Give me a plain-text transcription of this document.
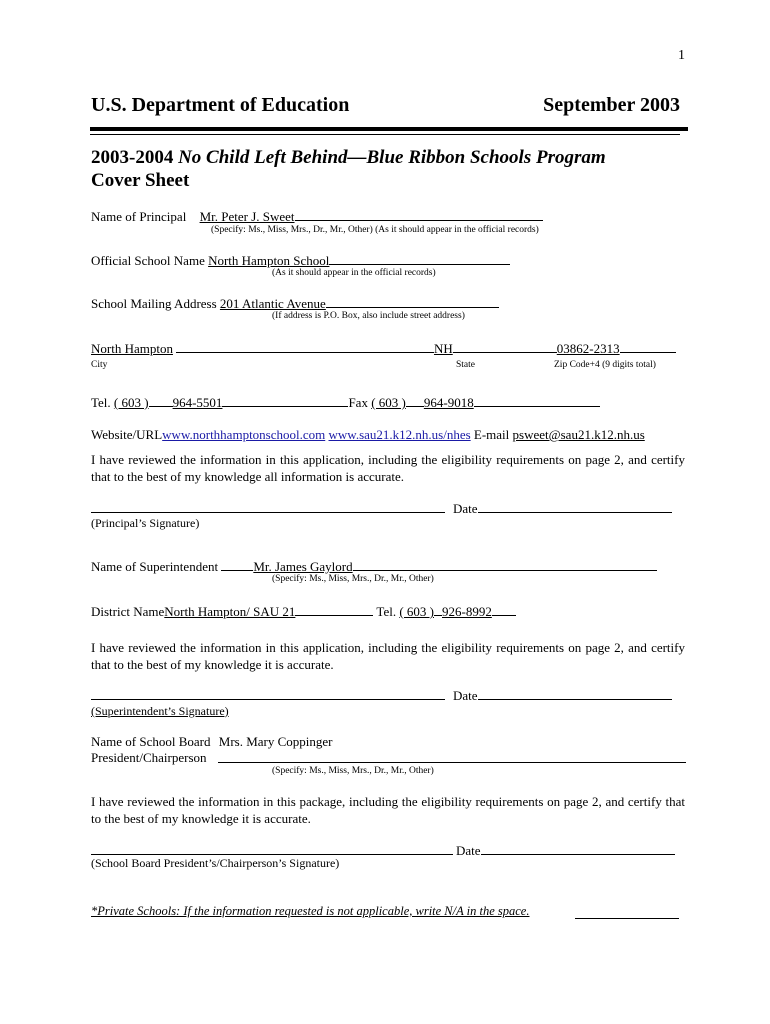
1
U.S. Department of Education	September 2003
2003-2004 No Child Left Behind—Blue Ribbon Schools Program
Cover Sheet
Name of Principal Mr. Peter J. Sweet
(Specify: Ms., Miss, Mrs., Dr., Mr., Other) (As it should appear in the official records)
Official School Name North Hampton School
(As it should appear in the official records)
School Mailing Address 201 Atlantic Avenue
(If address is P.O. Box, also include street address)
North Hampton	NH	03862-2313
City	State	Zip Code+4 (9 digits total)
Tel. ( 603 ) 964-5501	Fax ( 603 ) 964-9018
Website/URLwww.northhamptonschool.com www.sau21.k12.nh.us/nhes E-mail psweet@sau21.k12.nh.us
I have reviewed the information in this application, including the eligibility requirements on page 2, and certify that to the best of my knowledge all information is accurate.
Date
(Principal’s Signature)
Name of Superintendent Mr. James Gaylord
(Specify: Ms., Miss, Mrs., Dr., Mr., Other)
District NameNorth Hampton/ SAU 21	Tel. ( 603 ) 926-8992
I have reviewed the information in this application, including the eligibility requirements on page 2, and certify that to the best of my knowledge it is accurate.
Date
(Superintendent’s Signature)
Name of School Board Mrs. Mary Coppinger
President/Chairperson
(Specify: Ms., Miss, Mrs., Dr., Mr., Other)
I have reviewed the information in this package, including the eligibility requirements on page 2, and certify that to the best of my knowledge it is accurate.
Date
(School Board President’s/Chairperson’s Signature)
*Private Schools: If the information requested is not applicable, write N/A in the space.
